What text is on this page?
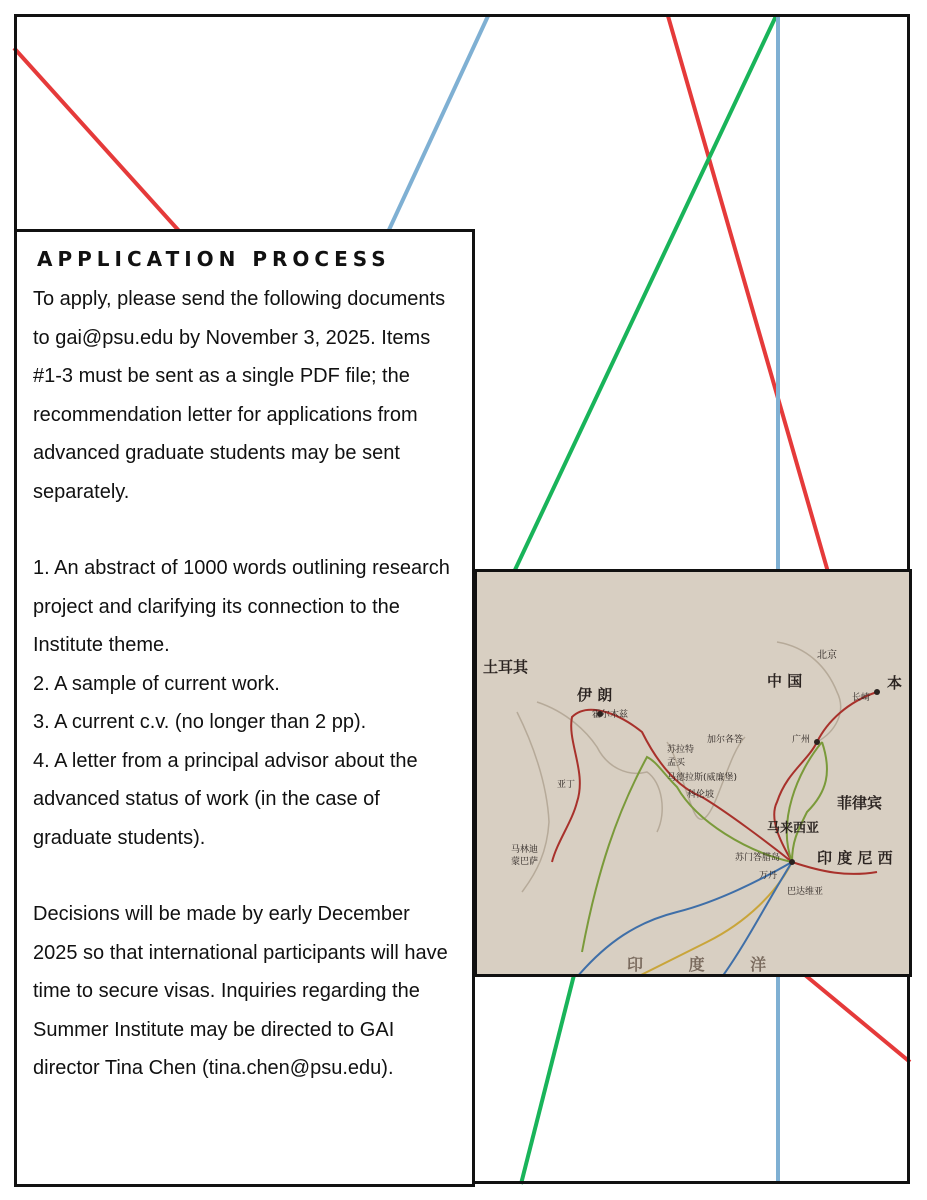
APPLICATION PROCESS

To apply, please send the following documents to gai@psu.edu by November 3, 2025. Items #1-3 must be sent as a single PDF file; the recommendation letter for applications from advanced graduate students may be sent separately.

1. An abstract of 1000 words outlining research project and clarifying its connection to the Institute theme.

2. A sample of current work.

3. A current c.v. (no longer than 2 pp).

4. A letter from a principal advisor about the advanced status of work (in the case of graduate students).

Decisions will be made by early December 2025 so that international participants will have time to secure visas. Inquiries regarding the Summer Institute may be directed to GAI director Tina Chen (tina.chen@psu.edu).

土耳其
伊 朗
中 国
北京
本
长崎
广州
菲律宾
马来西亚
印 度 尼 西
印 度 洋
霍尔木兹
加尔各答
苏拉特
孟买
马德拉斯(威廉堡)
科伦坡
亚丁
马林迪
蒙巴萨	苏门答腊岛
万丹
巴达维亚
